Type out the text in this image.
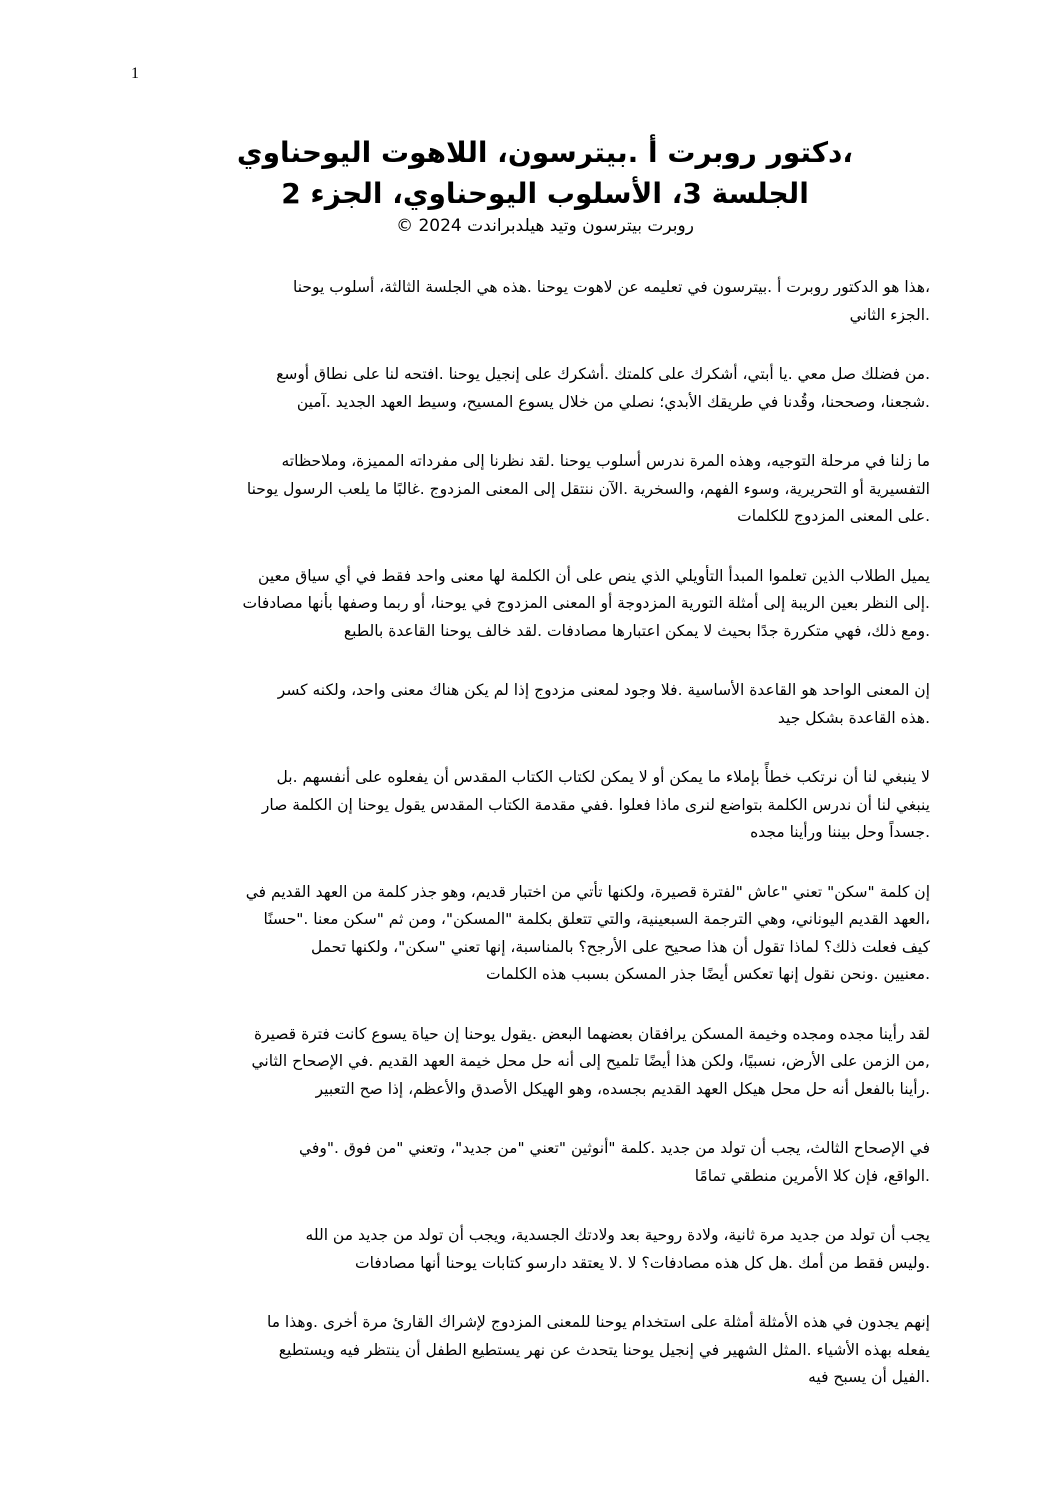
1

،دكتور روبرت أ .بيترسون، اللاهوت اليوحناوي

الجلسة 3، الأسلوب اليوحناوي، الجزء 2

روبرت بيترسون وتيد هيلدبراندت 2024 ©

،هذا هو الدكتور روبرت أ .بيترسون في تعليمه عن لاهوت يوحنا .هذه هي الجلسة الثالثة، أسلوب يوحنا
.الجزء الثاني

.من فضلك صل معي .يا أبتي، أشكرك على كلمتك .أشكرك على إنجيل يوحنا .افتحه لنا على نطاق أوسع
.شجعنا، وصححنا، وقُدنا في طريقك الأبدي؛ نصلي من خلال يسوع المسيح، وسيط العهد الجديد .آمين

ما زلنا في مرحلة التوجيه، وهذه المرة ندرس أسلوب يوحنا .لقد نظرنا إلى مفرداته المميزة، وملاحظاته
التفسيرية أو التحريرية، وسوء الفهم، والسخرية .الآن ننتقل إلى المعنى المزدوج .غالبًا ما يلعب الرسول يوحنا
.على المعنى المزدوج للكلمات

يميل الطلاب الذين تعلموا المبدأ التأويلي الذي ينص على أن الكلمة لها معنى واحد فقط في أي سياق معين
.إلى النظر بعين الريبة إلى أمثلة التورية المزدوجة أو المعنى المزدوج في يوحنا، أو ربما وصفها بأنها مصادفات
.ومع ذلك، فهي متكررة جدًا بحيث لا يمكن اعتبارها مصادفات .لقد خالف يوحنا القاعدة بالطبع

إن المعنى الواحد هو القاعدة الأساسية .فلا وجود لمعنى مزدوج إذا لم يكن هناك معنى واحد، ولكنه كسر
.هذه القاعدة بشكل جيد

لا ينبغي لنا أن نرتكب خطأً بإملاء ما يمكن أو لا يمكن لكتاب الكتاب المقدس أن يفعلوه على أنفسهم .بل
ينبغي لنا أن ندرس الكلمة بتواضع لنرى ماذا فعلوا .ففي مقدمة الكتاب المقدس يقول يوحنا إن الكلمة صار
.جسداً وحل بيننا ورأينا مجده

إن كلمة "سكن" تعني "عاش "لفترة قصيرة، ولكنها تأتي من اختبار قديم، وهو جذر كلمة من العهد القديم في
،العهد القديم اليوناني، وهي الترجمة السبعينية، والتي تتعلق بكلمة "المسكن"، ومن ثم "سكن معنا ."حسنًا
كيف فعلت ذلك؟ لماذا تقول أن هذا صحيح على الأرجح؟ بالمناسبة، إنها تعني "سكن"، ولكنها تحمل
.معنيين .ونحن نقول إنها تعكس أيضًا جذر المسكن بسبب هذه الكلمات

لقد رأينا مجده ومجده وخيمة المسكن يرافقان بعضهما البعض .يقول يوحنا إن حياة يسوع كانت فترة قصيرة
,من الزمن على الأرض، نسبيًا، ولكن هذا أيضًا تلميح إلى أنه حل محل خيمة العهد القديم .في الإصحاح الثاني
.رأينا بالفعل أنه حل محل هيكل العهد القديم بجسده، وهو الهيكل الأصدق والأعظم، إذا صح التعبير

في الإصحاح الثالث، يجب أن تولد من جديد .كلمة "أنوثين "تعني "من جديد"، وتعني "من فوق ."وفي
.الواقع، فإن كلا الأمرين منطقي تمامًا

يجب أن تولد من جديد مرة ثانية، ولادة روحية بعد ولادتك الجسدية، ويجب أن تولد من جديد من الله
.وليس فقط من أمك .هل كل هذه مصادفات؟ لا .لا يعتقد دارسو كتابات يوحنا أنها مصادفات

إنهم يجدون في هذه الأمثلة أمثلة على استخدام يوحنا للمعنى المزدوج لإشراك القارئ مرة أخرى .وهذا ما
يفعله بهذه الأشياء .المثل الشهير في إنجيل يوحنا يتحدث عن نهر يستطيع الطفل أن ينتظر فيه ويستطيع
.الفيل أن يسبح فيه
